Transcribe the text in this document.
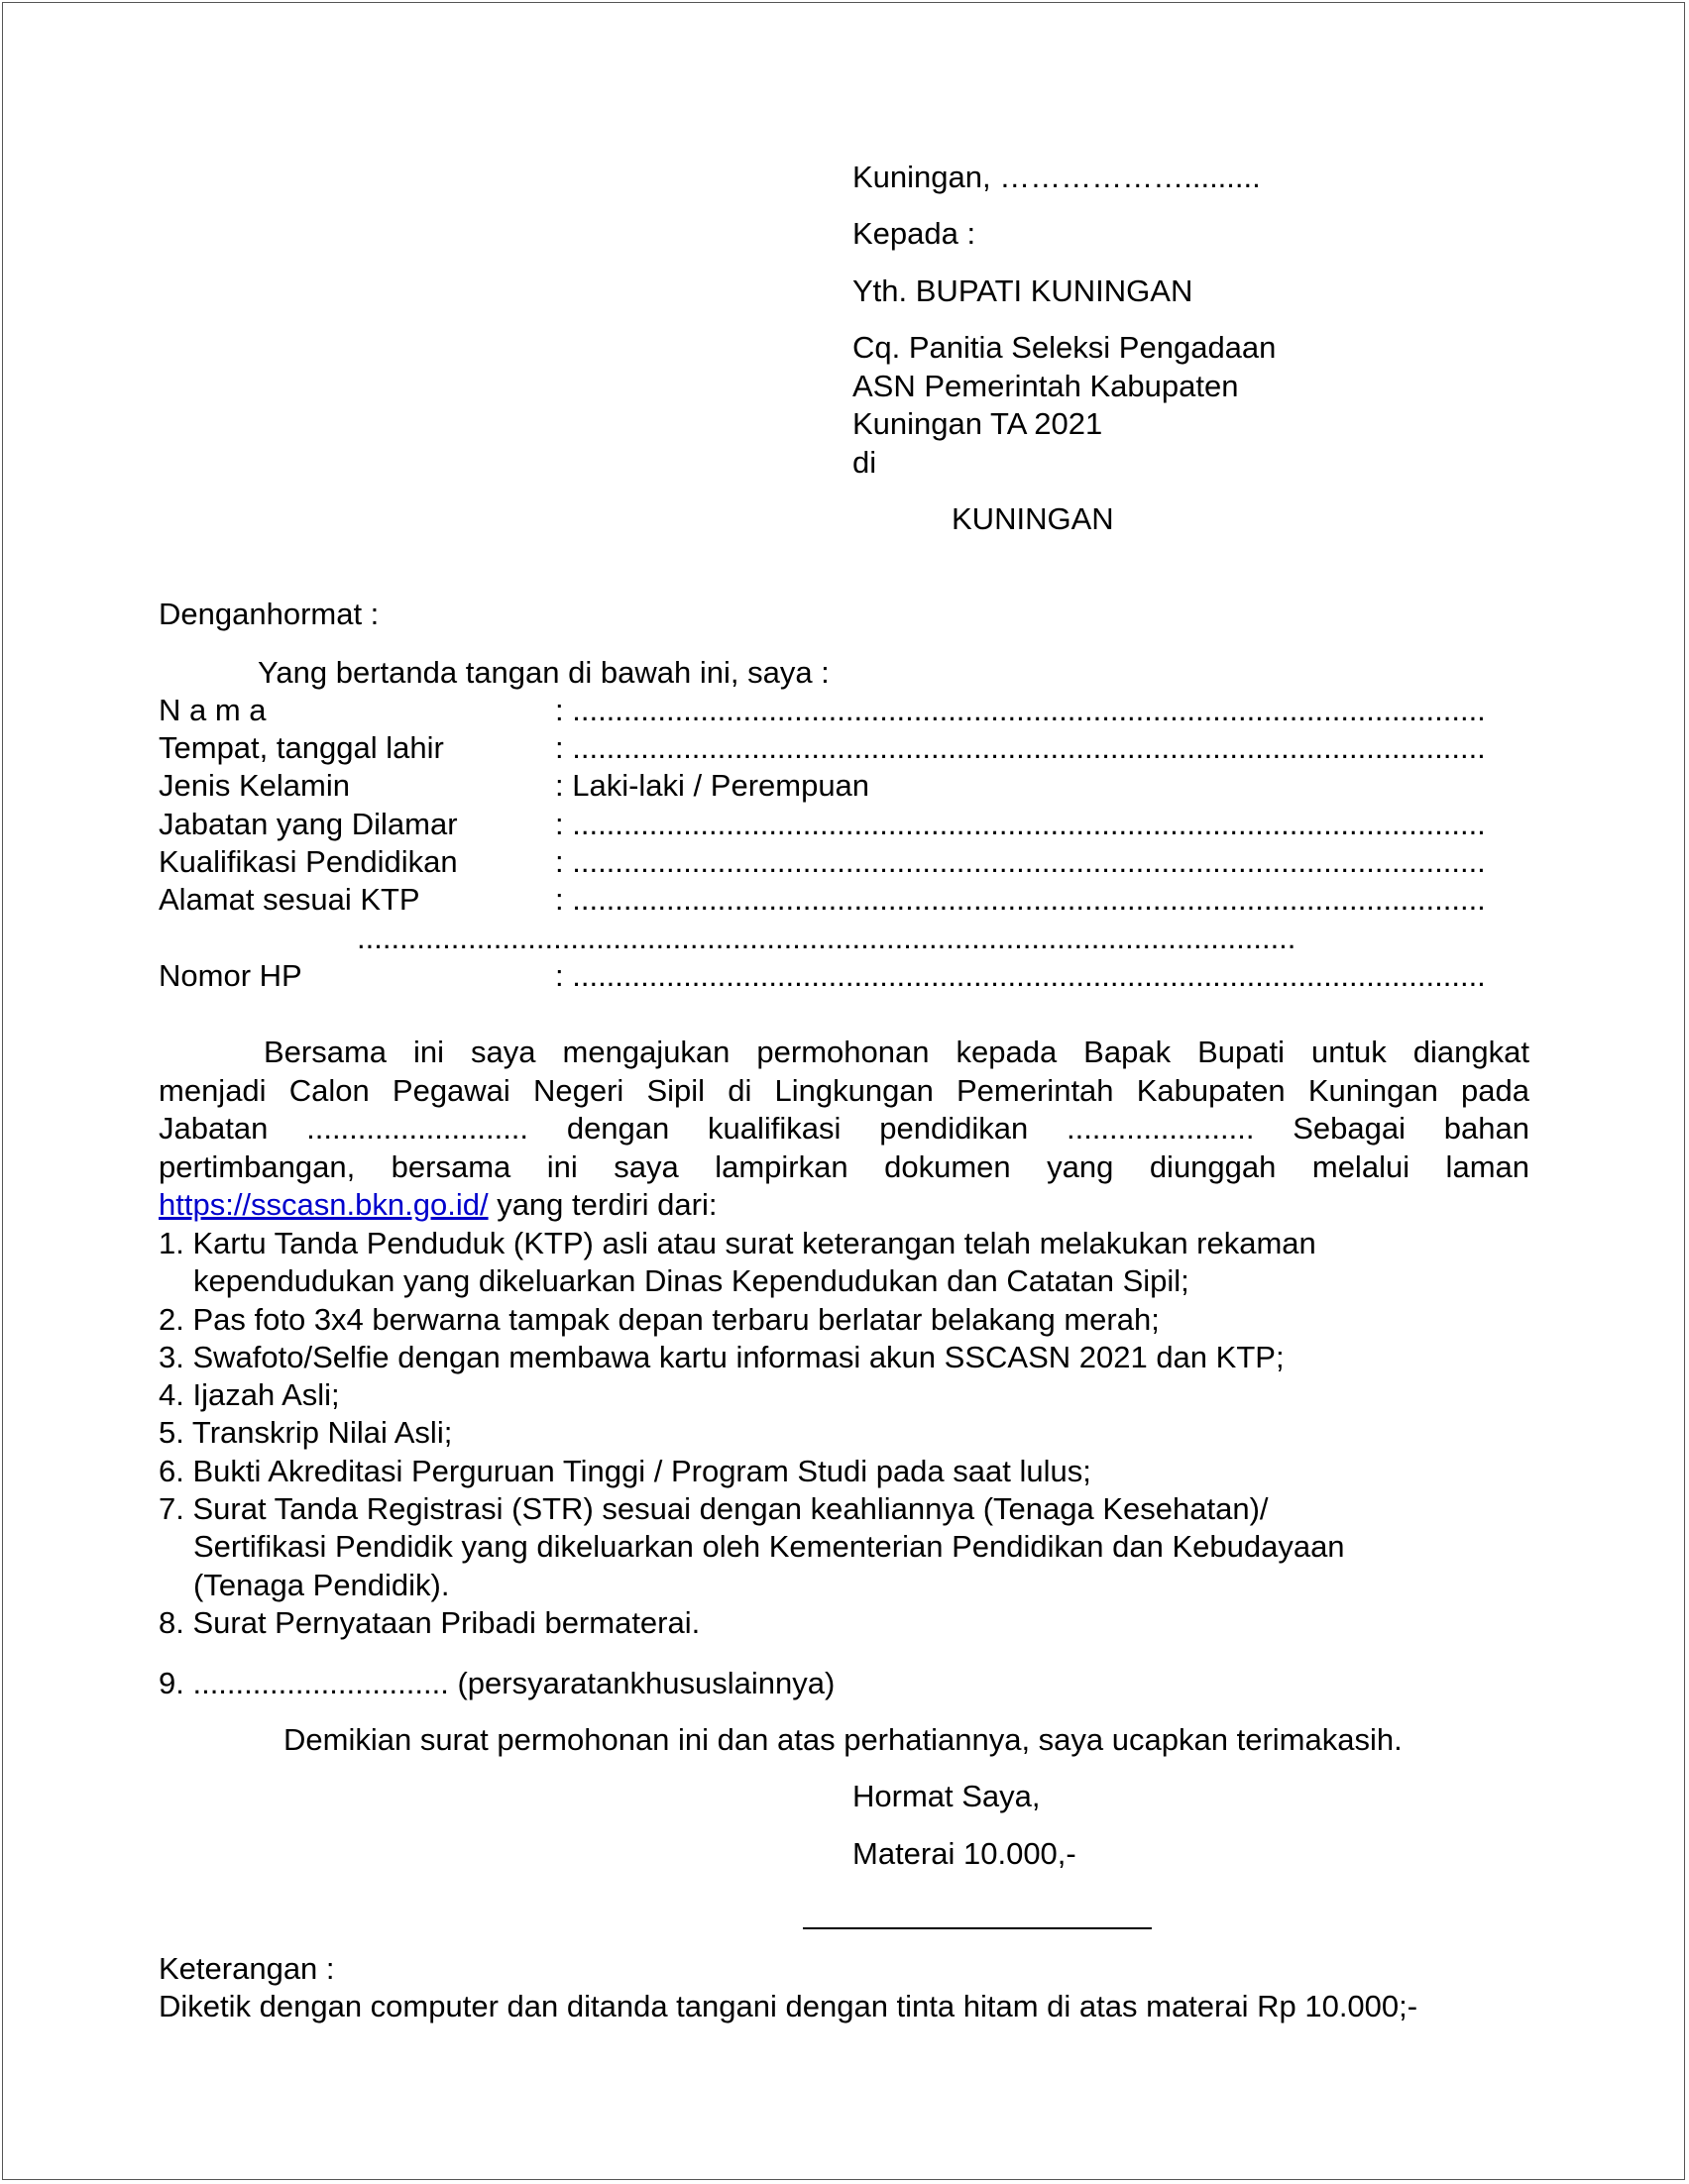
Kuningan, ……………….........

Kepada :

Yth. BUPATI KUNINGAN

Cq. Panitia Seleksi Pengadaan
ASN Pemerintah Kabupaten
Kuningan TA 2021
di

KUNINGAN

Denganhormat :

Yang bertanda tangan di bawah ini, saya :

N a m a	: ...........................................................................................................
Tempat, tanggal lahir	: ...........................................................................................................
Jenis Kelamin	: Laki-laki / Perempuan
Jabatan yang Dilamar	: ...........................................................................................................
Kualifikasi Pendidikan	: ...........................................................................................................
Alamat sesuai KTP	: ...........................................................................................................
..............................................................................................................
Nomor HP	: ...........................................................................................................
Bersama ini saya mengajukan permohonan kepada Bapak Bupati untuk diangkat
menjadi Calon Pegawai Negeri Sipil di Lingkungan Pemerintah Kabupaten Kuningan pada
Jabatan .......................... dengan kualifikasi pendidikan ...................... Sebagai bahan
pertimbangan, bersama ini saya lampirkan dokumen yang diunggah melalui laman
https://sscasn.bkn.go.id/ yang terdiri dari:
1. Kartu Tanda Penduduk (KTP) asli atau surat keterangan telah melakukan rekaman
kependudukan yang dikeluarkan Dinas Kependudukan dan Catatan Sipil;
2. Pas foto 3x4 berwarna tampak depan terbaru berlatar belakang merah;
3. Swafoto/Selfie dengan membawa kartu informasi akun SSCASN 2021 dan KTP;
4. Ijazah Asli;
5. Transkrip Nilai Asli;
6. Bukti Akreditasi Perguruan Tinggi / Program Studi pada saat lulus;
7. Surat Tanda Registrasi (STR) sesuai dengan keahliannya (Tenaga Kesehatan)/
Sertifikasi Pendidik yang dikeluarkan oleh Kementerian Pendidikan dan Kebudayaan
(Tenaga Pendidik).
8. Surat Pernyataan Pribadi bermaterai.

9. .............................. (persyaratankhususlainnya)

Demikian surat permohonan ini dan atas perhatiannya, saya ucapkan terimakasih.

Hormat Saya,

Materai 10.000,-

Keterangan :

Diketik dengan computer dan ditanda tangani dengan tinta hitam di atas materai Rp 10.000;-
